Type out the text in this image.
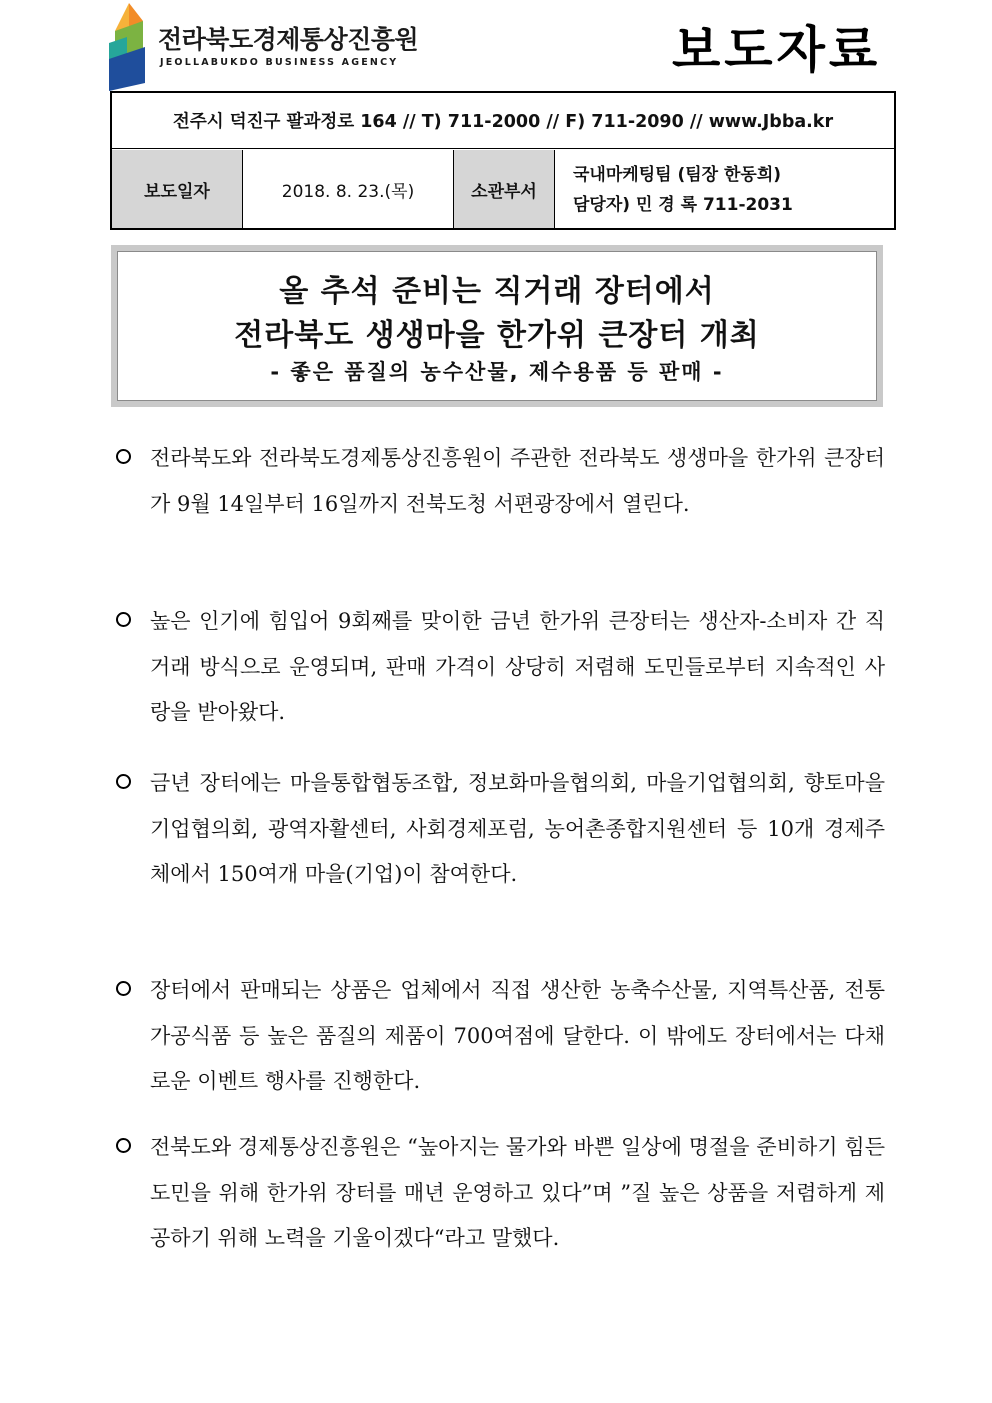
전라북도경제통상진흥원
JEOLLABUKDO BUSINESS AGENCY	보도자료
전주시 덕진구 팔과정로 164 // T) 711-2000 // F) 711-2090 // www.Jbba.kr
보도일자	2018. 8. 23.(목)	소관부서
국내마케팅팀 (팀장 한동희)
담당자) 민 경 록 711-2031
올 추석 준비는 직거래 장터에서
전라북도 생생마을 한가위 큰장터 개최
- 좋은 품질의 농수산물, 제수용품 등 판매 -
전라북도와 전라북도경제통상진흥원이 주관한 전라북도 생생마을 한가위 큰장터가 9월 14일부터 16일까지 전북도청 서편광장에서 열린다.
높은 인기에 힘입어 9회째를 맞이한 금년 한가위 큰장터는 생산자-소비자 간 직거래 방식으로 운영되며, 판매 가격이 상당히 저렴해 도민들로부터 지속적인 사랑을 받아왔다.
금년 장터에는 마을통합협동조합, 정보화마을협의회, 마을기업협의회, 향토마을기업협의회, 광역자활센터, 사회경제포럼, 농어촌종합지원센터 등 10개 경제주체에서 150여개 마을(기업)이 참여한다.
장터에서 판매되는 상품은 업체에서 직접 생산한 농축수산물, 지역특산품, 전통가공식품 등 높은 품질의 제품이 700여점에 달한다. 이 밖에도 장터에서는 다채로운 이벤트 행사를 진행한다.
전북도와 경제통상진흥원은 “높아지는 물가와 바쁜 일상에 명절을 준비하기 힘든 도민을 위해 한가위 장터를 매년 운영하고 있다”며 ”질 높은 상품을 저렴하게 제공하기 위해 노력을 기울이겠다“라고 말했다.
